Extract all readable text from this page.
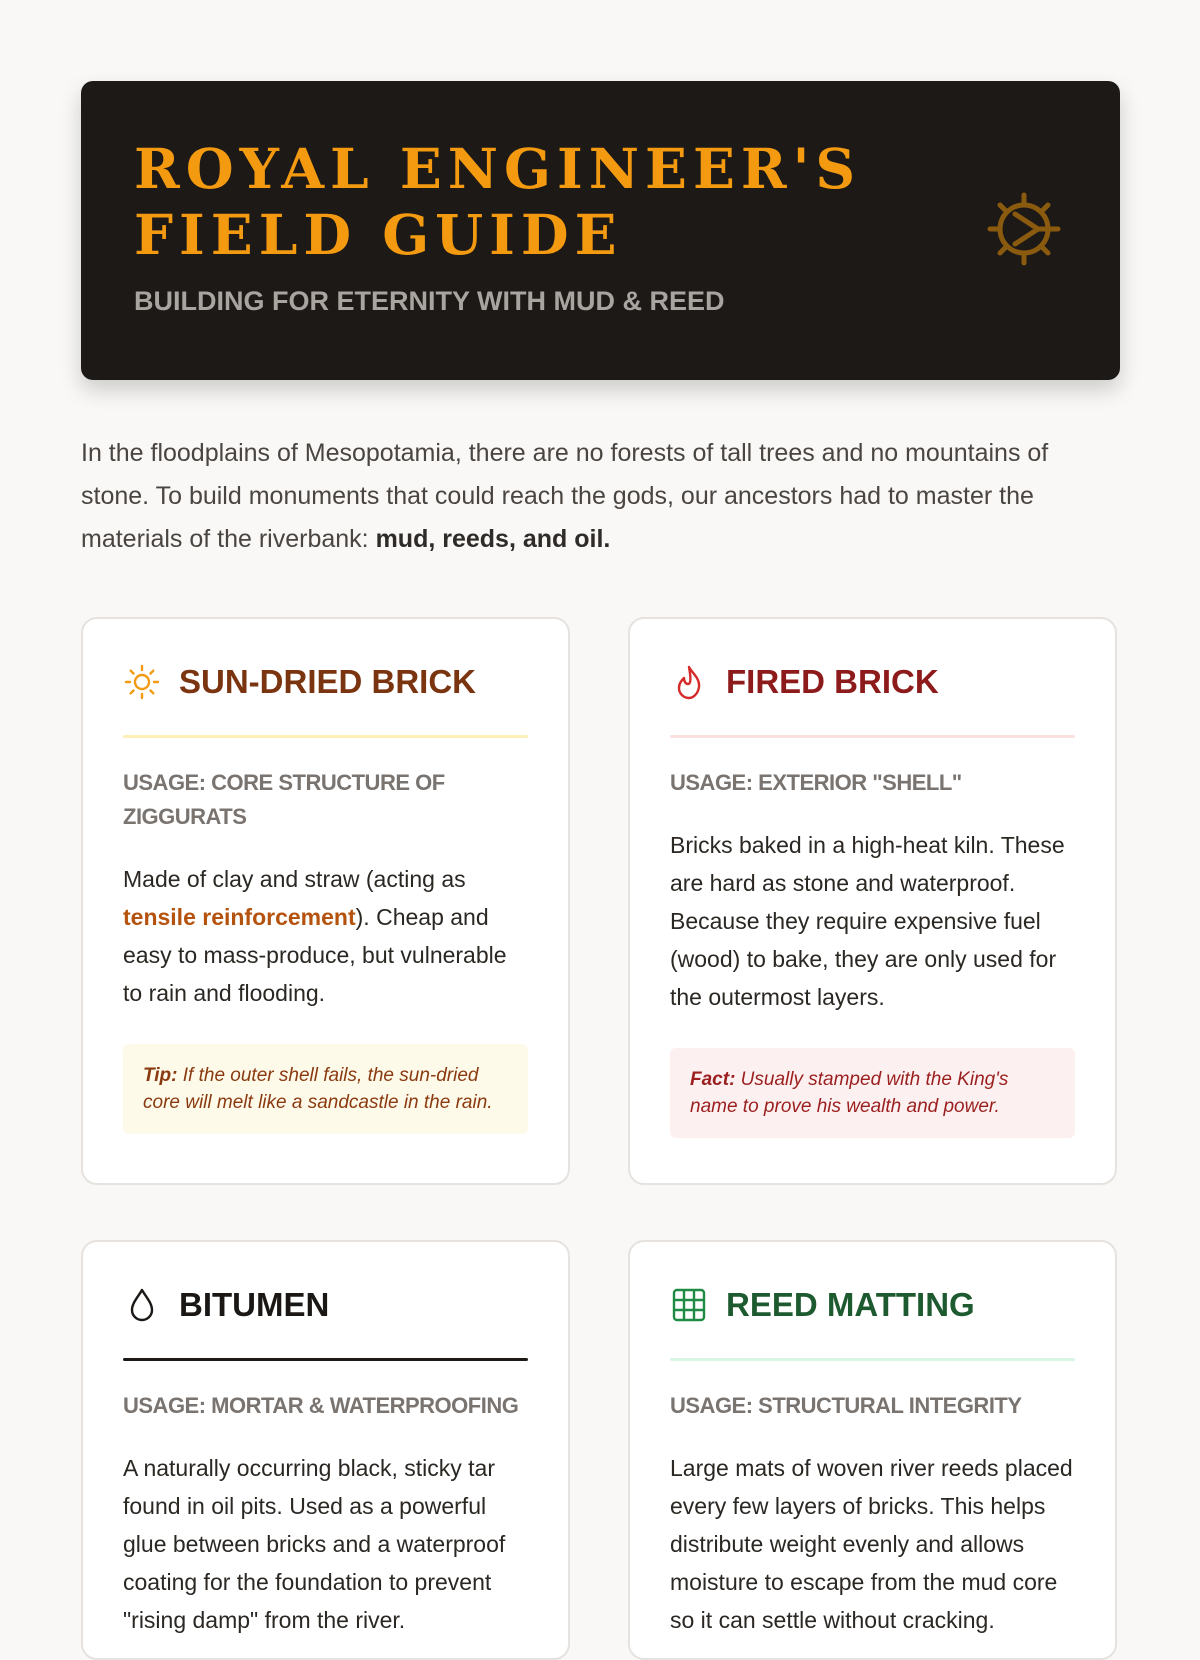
ROYAL ENGINEER'S
FIELD GUIDE

BUILDING FOR ETERNITY WITH MUD & REED

In the floodplains of Mesopotamia, there are no forests of tall trees and no mountains of stone. To build monuments that could reach the gods, our ancestors had to master the materials of the riverbank: mud, reeds, and oil.

SUN-DRIED BRICK

USAGE: CORE STRUCTURE OF ZIGGURATS

Made of clay and straw (acting as tensile reinforcement). Cheap and easy to mass-produce, but vulnerable to rain and flooding.

Tip: If the outer shell fails, the sun-dried core will melt like a sandcastle in the rain.
FIRED BRICK

USAGE: EXTERIOR "SHELL"

Bricks baked in a high-heat kiln. These are hard as stone and waterproof. Because they require expensive fuel (wood) to bake, they are only used for the outermost layers.

Fact: Usually stamped with the King's name to prove his wealth and power.
BITUMEN

USAGE: MORTAR & WATERPROOFING

A naturally occurring black, sticky tar found in oil pits. Used as a powerful glue between bricks and a waterproof coating for the foundation to prevent "rising damp" from the river.

REED MATTING

USAGE: STRUCTURAL INTEGRITY

Large mats of woven river reeds placed every few layers of bricks. This helps distribute weight evenly and allows moisture to escape from the mud core so it can settle without cracking.
